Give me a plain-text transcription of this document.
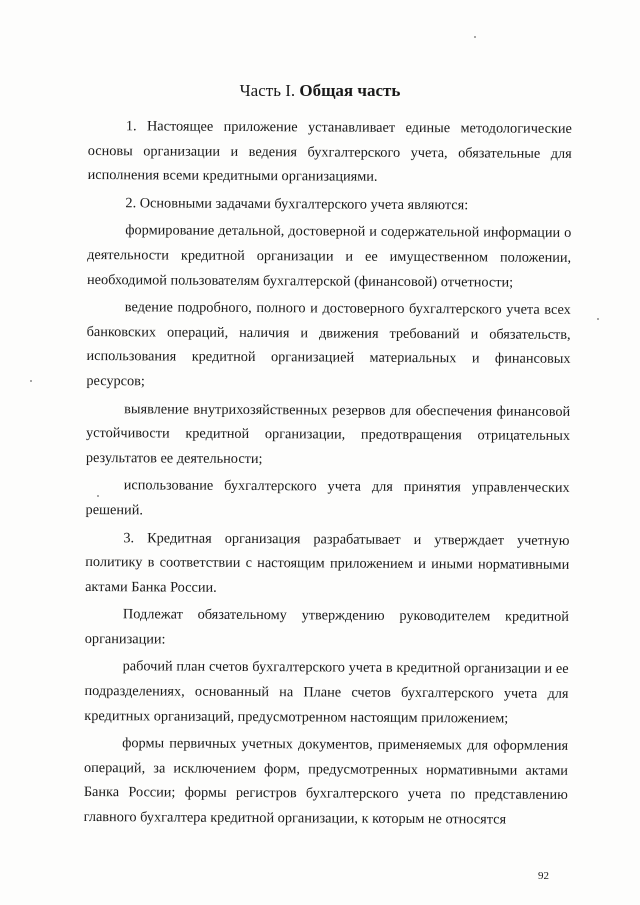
Часть I. Общая часть

1. Настоящее приложение устанавливает единые методологические основы организации и ведения бухгалтерского учета, обязательные для исполнения всеми кредитными организациями.

2. Основными задачами бухгалтерского учета являются:

формирование детальной, достоверной и содержательной информации о деятельности кредитной организации и ее имущественном положении, необходимой пользователям бухгалтерской (финансовой) отчетности;

ведение подробного, полного и достоверного бухгалтерского учета всех банковских операций, наличия и движения требований и обязательств, использования кредитной организацией материальных и финансовых ресурсов;

выявление внутрихозяйственных резервов для обеспечения финансовой устойчивости кредитной организации, предотвращения отрицательных результатов ее деятельности;

использование бухгалтерского учета для принятия управленческих решений.

3. Кредитная организация разрабатывает и утверждает учетную политику в соответствии с настоящим приложением и иными нормативными актами Банка России.

Подлежат обязательному утверждению руководителем кредитной организации:

рабочий план счетов бухгалтерского учета в кредитной организации и ее подразделениях, основанный на Плане счетов бухгалтерского учета для кредитных организаций, предусмотренном настоящим приложением;

формы первичных учетных документов, применяемых для оформления операций, за исключением форм, предусмотренных нормативными актами Банка России; формы регистров бухгалтерского учета по представлению главного бухгалтера кредитной организации, к которым не относятся

92
